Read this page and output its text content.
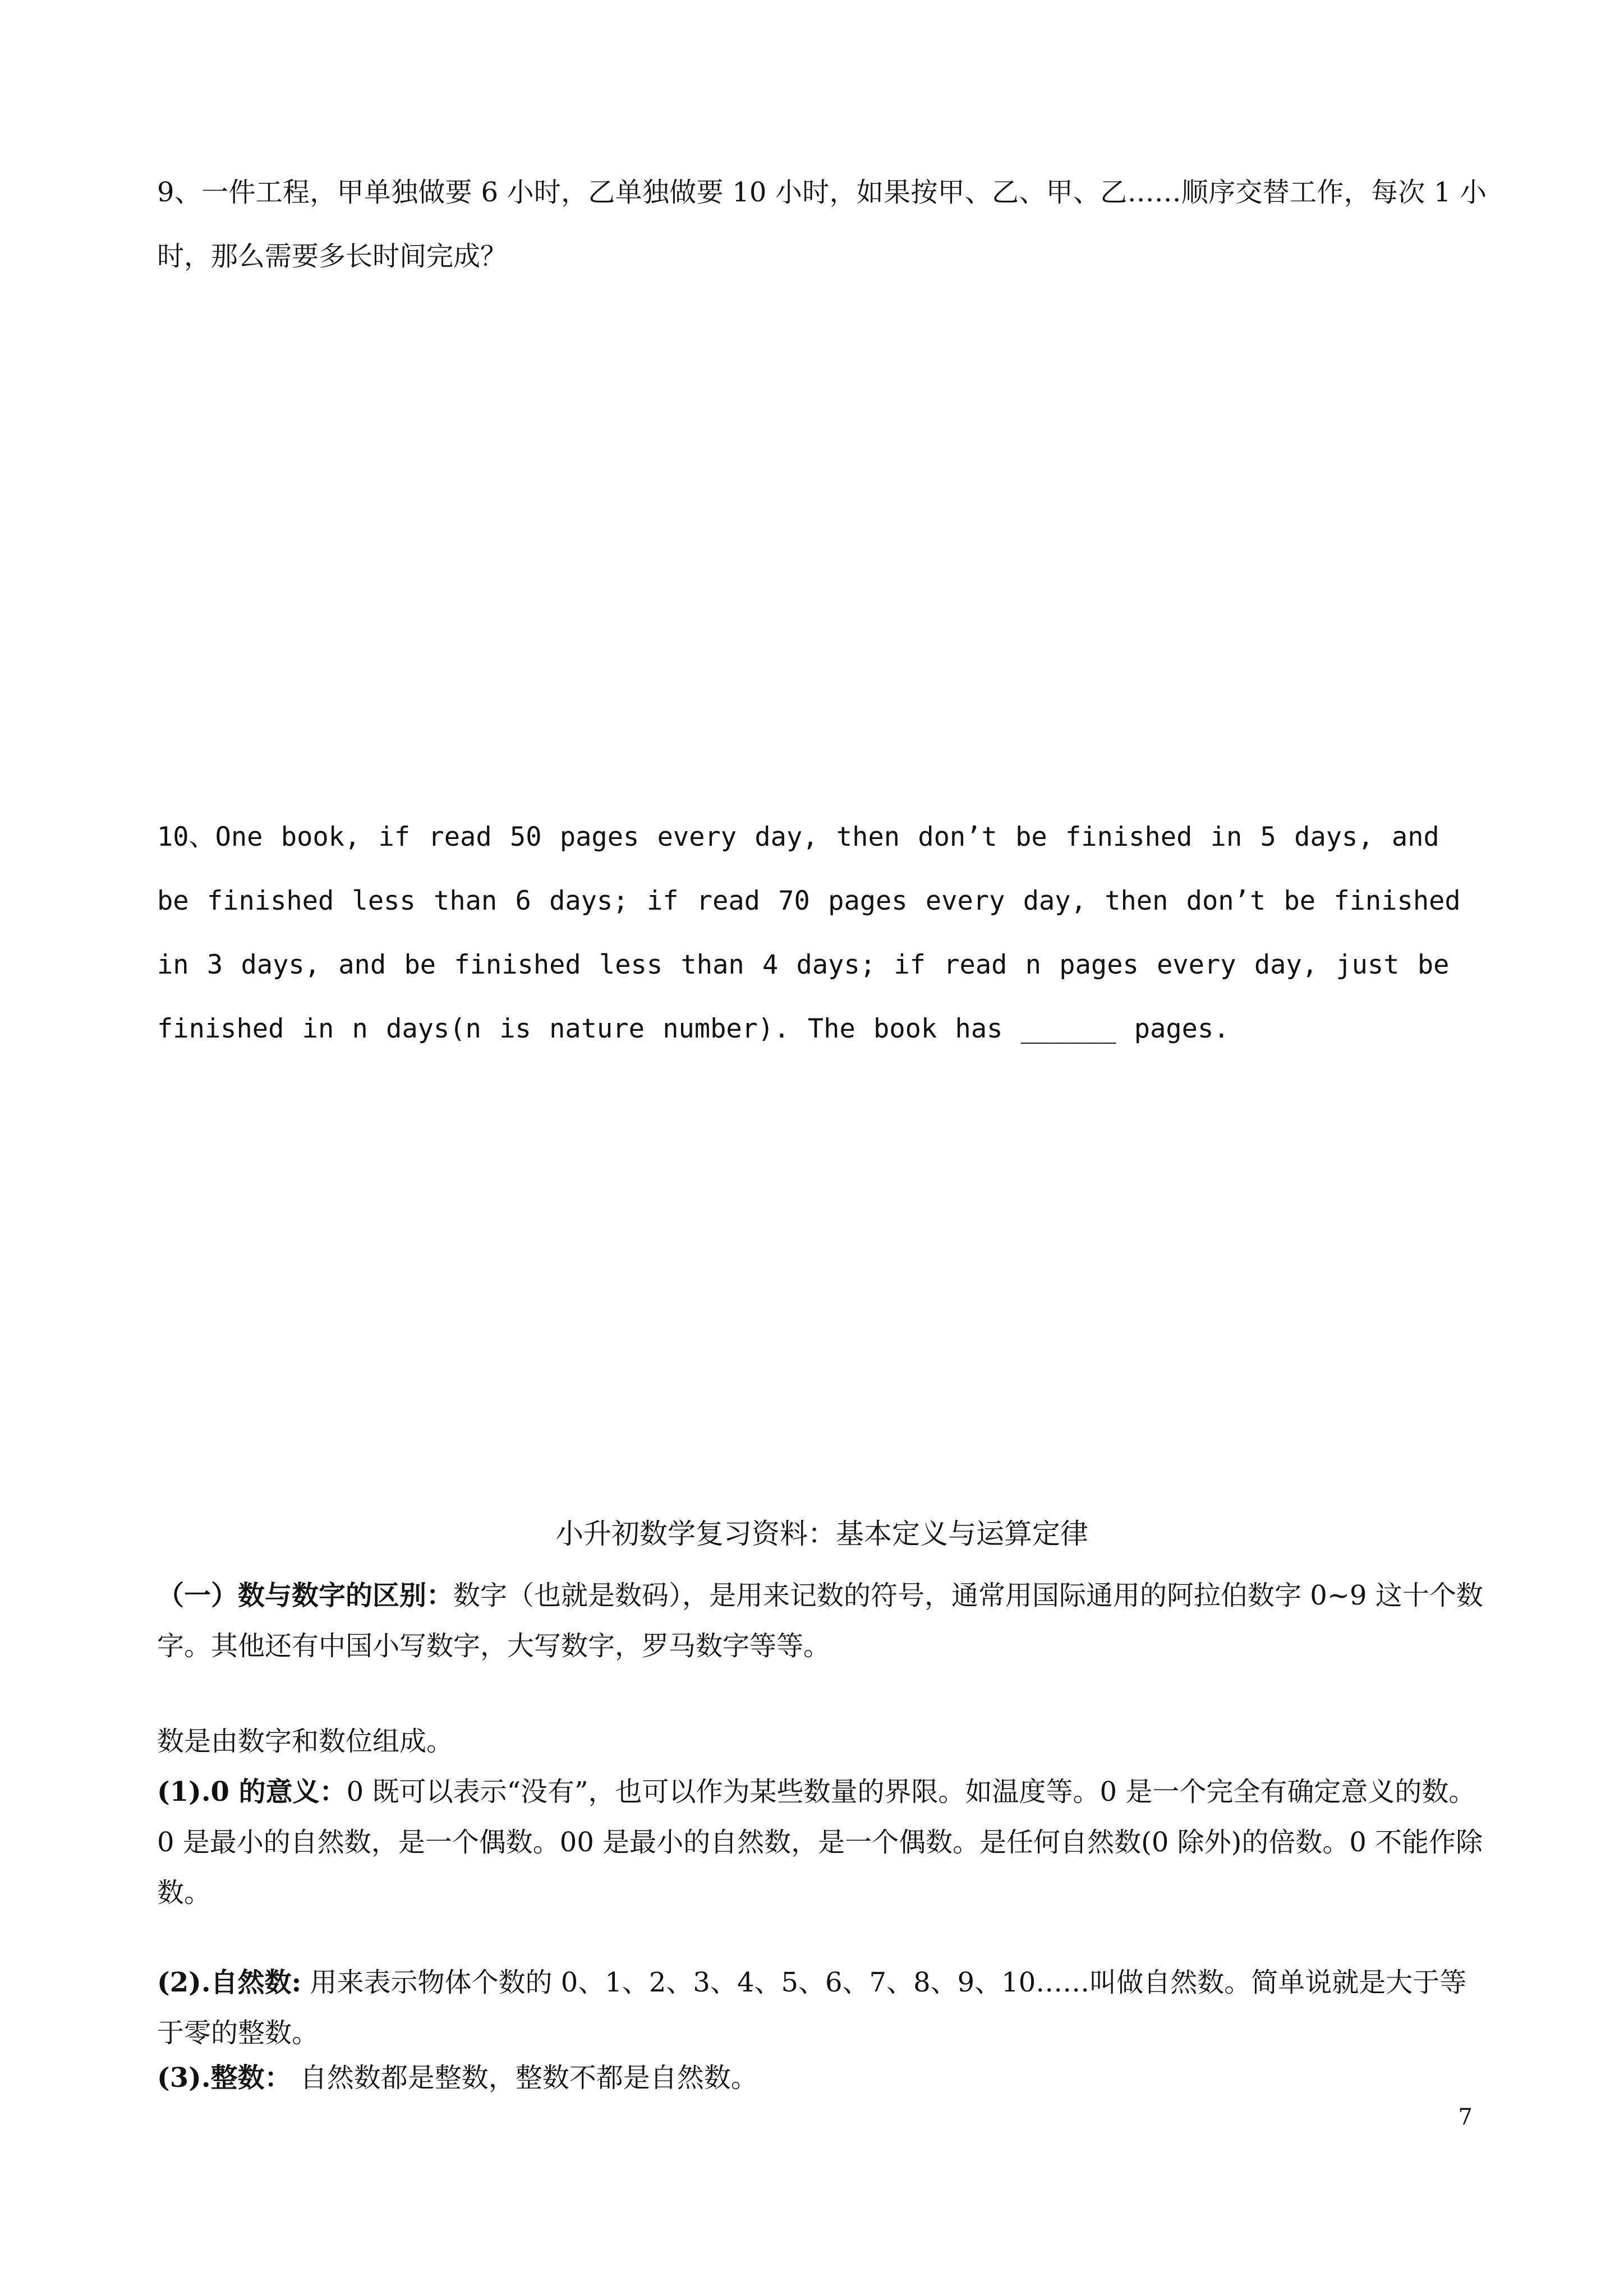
9、一件工程，甲单独做要 6 小时，乙单独做要 10 小时，如果按甲、乙、甲、乙……顺序交替工作，每次 1 小时，那么需要多长时间完成？

10、One book, if read 50 pages every day, then don’t be finished in 5 days, and be finished less than 6 days; if read 70 pages every day, then don’t be finished in 3 days, and be finished less than 4 days; if read n pages every day, just be finished in n days(n is nature number). The book has ______ pages.

小升初数学复习资料：基本定义与运算定律

（一）数与数字的区别：数字（也就是数码），是用来记数的符号，通常用国际通用的阿拉伯数字 0~9 这十个数字。其他还有中国小写数字，大写数字，罗马数字等等。

数是由数字和数位组成。

(1).0 的意义：0 既可以表示“没有”，也可以作为某些数量的界限。如温度等。0 是一个完全有确定意义的数。0 是最小的自然数，是一个偶数。00 是最小的自然数，是一个偶数。是任何自然数(0 除外)的倍数。0 不能作除数。

(2).自然数: 用来表示物体个数的 0、1、2、3、4、5、6、7、8、9、10……叫做自然数。简单说就是大于等于零的整数。

(3).整数： 自然数都是整数，整数不都是自然数。

7
